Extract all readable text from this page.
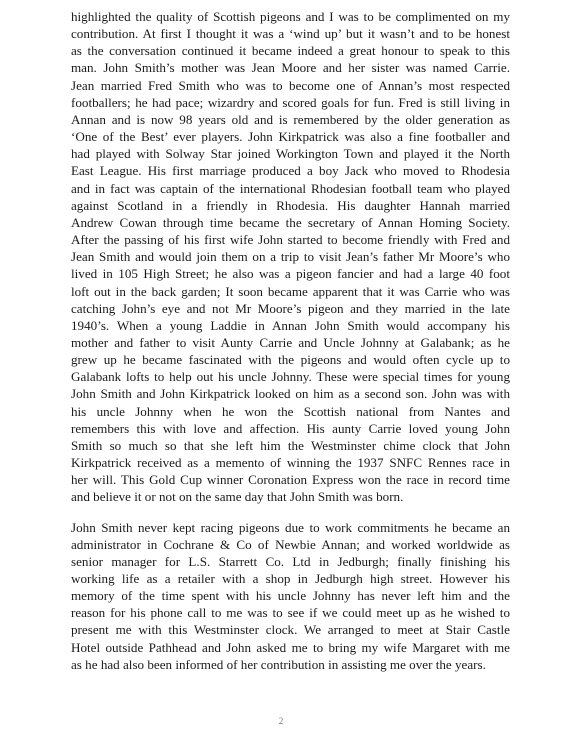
highlighted the quality of Scottish pigeons and I was to be complimented on my
contribution. At first I thought it was a ‘wind up’ but it wasn’t and to be honest
as the conversation continued it became indeed a great honour to speak to this
man. John Smith’s mother was Jean Moore and her sister was named Carrie.
Jean married Fred Smith who was to become one of Annan’s most respected
footballers; he had pace; wizardry and scored goals for fun. Fred is still living in
Annan and is now 98 years old and is remembered by the older generation as
‘One of the Best’ ever players. John Kirkpatrick was also a fine footballer and
had played with Solway Star joined Workington Town and played it the North
East League. His first marriage produced a boy Jack who moved to Rhodesia
and in fact was captain of the international Rhodesian football team who played
against Scotland in a friendly in Rhodesia. His daughter Hannah married
Andrew Cowan through time became the secretary of Annan Homing Society.
After the passing of his first wife John started to become friendly with Fred and
Jean Smith and would join them on a trip to visit Jean’s father Mr Moore’s who
lived in 105 High Street; he also was a pigeon fancier and had a large 40 foot
loft out in the back garden; It soon became apparent that it was Carrie who was
catching John’s eye and not Mr Moore’s pigeon and they married in the late
1940’s. When a young Laddie in Annan John Smith would accompany his
mother and father to visit Aunty Carrie and Uncle Johnny at Galabank; as he
grew up he became fascinated with the pigeons and would often cycle up to
Galabank lofts to help out his uncle Johnny. These were special times for young
John Smith and John Kirkpatrick looked on him as a second son. John was with
his uncle Johnny when he won the Scottish national from Nantes and
remembers this with love and affection. His aunty Carrie loved young John
Smith so much so that she left him the Westminster chime clock that John
Kirkpatrick received as a memento of winning the 1937 SNFC Rennes race in
her will. This Gold Cup winner Coronation Express won the race in record time
and believe it or not on the same day that John Smith was born.
John Smith never kept racing pigeons due to work commitments he became an
administrator in Cochrane & Co of Newbie Annan; and worked worldwide as
senior manager for L.S. Starrett Co. Ltd in Jedburgh; finally finishing his
working life as a retailer with a shop in Jedburgh high street. However his
memory of the time spent with his uncle Johnny has never left him and the
reason for his phone call to me was to see if we could meet up as he wished to
present me with this Westminster clock. We arranged to meet at Stair Castle
Hotel outside Pathhead and John asked me to bring my wife Margaret with me
as he had also been informed of her contribution in assisting me over the years.
2
